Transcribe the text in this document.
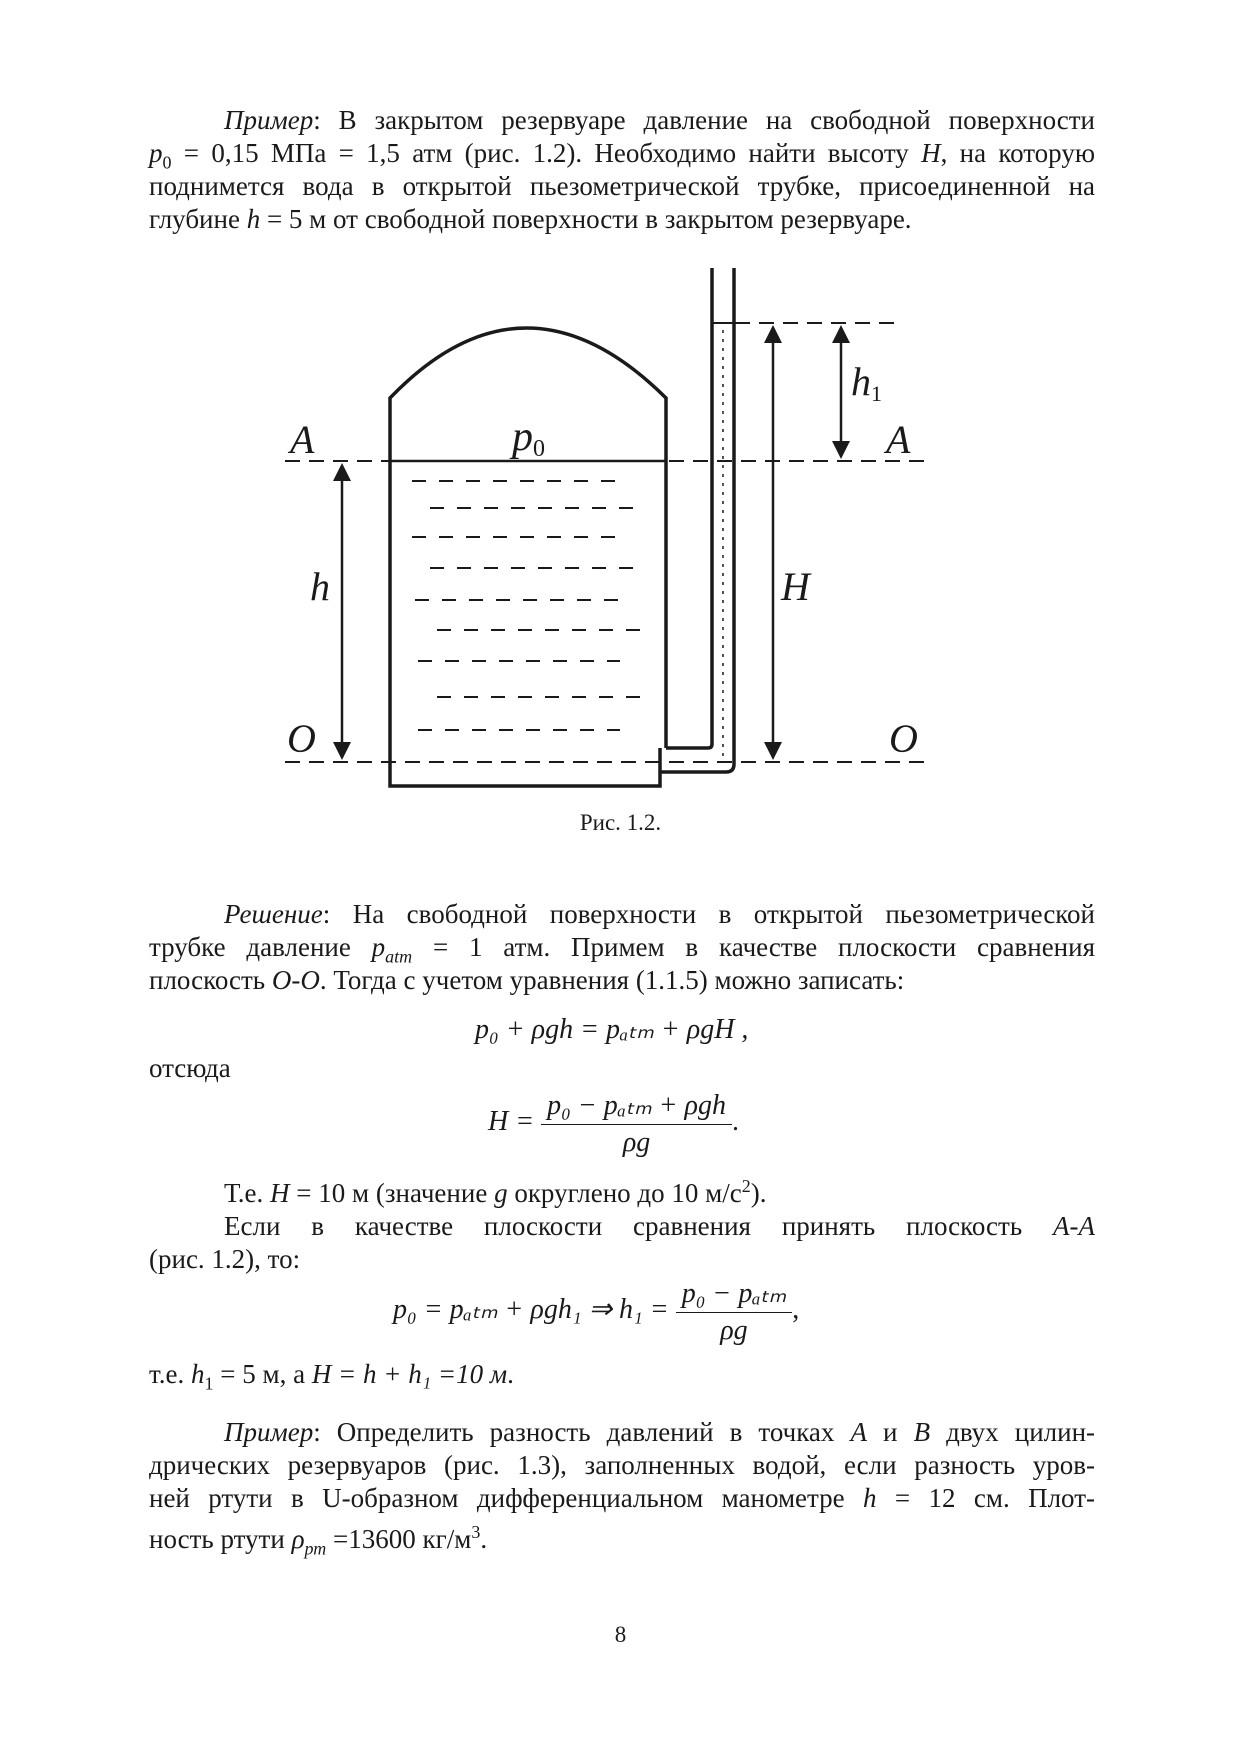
Пример: В закрытом резервуаре давление на свободной поверхности
$p_0 = 0,15$ МПа = 1,5 атм (рис. 1.2). Необходимо найти высоту H, на которую
поднимется вода в открытой пьезометрической трубке, присоединенной на
глубине h = 5 м от свободной поверхности в закрытом резервуаре.
A	A
p0
h1
h	H
O	O
Рис. 1.2.
Решение: На свободной поверхности в открытой пьезометрической
трубке давление $p_{atm} = 1$ атм. Примем в качестве плоскости сравнения
плоскость O-O. Тогда с учетом уравнения (1.1.5) можно записать:
p₀ + ρgh = pₐₜₘ + ρgH ,
отсюда
$H = \frac{\text{p₀ − pₐₜₘ + ρgh}}{\rho g}$ .
Т.е. H = 10 м (значение g округлено до 10 $м/с^2$).
Если в качестве плоскости сравнения принять плоскость A-A
(рис. 1.2), то:
p₀ = pₐₜₘ + ρgh₁ ⇒ $h_1 = \frac{\text{p₀ − pₐₜₘ}}{\rho g}$ ,
т.е. $h_1 = 5$ м, а H = h + h₁ =10 м.
Пример: Определить разность давлений в точках A и B двух цилин-
дрических резервуаров (рис. 1.3), заполненных водой, если разность уров-
ней ртути в U-образном дифференциальном манометре h = 12 см. Плот-
ность ртути $\rho_{рт} =13600$ $кг/м^3$.
8
